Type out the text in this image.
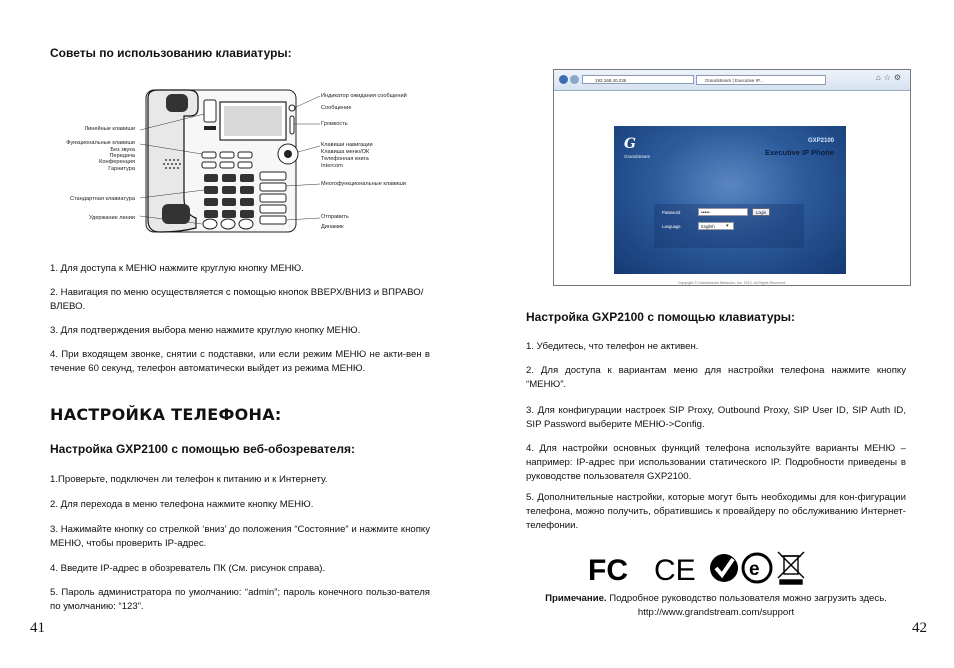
Советы по использованию клавиатуры:
Линейные клавиши
Функциональные клавиши
Без звука
Передача
Конференция
Гарнитура
Стандартная клавиатура
Удержание линии
Индикатор ожидания сообщений
Сообщение
Громкость
Клавиши навигации
Клавиша меню/ОК
Телефонная книга
Intercom
Многофункциональные клавиши
Отправить
Динамик
1. Для доступа к МЕНЮ нажмите круглую кнопку МЕНЮ.
2. Навигация по меню осуществляется с помощью кнопок ВВЕРХ/ВНИЗ и ВПРАВО/ВЛЕВО.
3. Для подтверждения выбора меню нажмите круглую кнопку МЕНЮ.
4. При входящем звонке, снятии с подставки, или если режим МЕНЮ не акти-вен в течение 60 секунд, телефон автоматически выйдет из режима МЕНЮ.
НАСТРОЙКА ТЕЛЕФОНА:
Настройка GXP2100 с помощью веб-обозревателя:
1.Проверьте, подключен ли телефон к питанию и к Интернету.
2. Для перехода в меню телефона нажмите кнопку МЕНЮ.
3. Нажимайте кнопку со стрелкой ‘вниз’ до положения “Состояние” и нажмите кнопку МЕНЮ, чтобы проверить IP-адрес.
4. Введите IP-адрес в обозреватель ПК (См. рисунок справа).
5. Пароль администратора по умолчанию: “admin”; пароль конечного пользо-вателя по умолчанию: “123”.
41
192.168.40.236	Grandstream | Executive IP...	⌂☆⚙
G
Grandstream
GXP2100
Executive IP Phone
Password	•••••	Login
Language	English	▾
Copyright © Grandstream Networks, Inc. 2012. All Rights Reserved.
Настройка GXP2100 с помощью клавиатуры:
1. Убедитесь, что телефон не активен.
2. Для доступа к вариантам меню для настройки телефона нажмите кнопку “МЕНЮ”.
3. Для конфигурации настроек SIP Proxy, Outbound Proxy, SIP User ID, SIP Auth ID, SIP Password выберите МЕНЮ->Config.
4. Для настройки основных функций телефона используйте варианты МЕНЮ – например: IP-адрес при использовании статического IP. Подробности приведены в руководстве пользователя GXP2100.
5. Дополнительные настройки, которые могут быть необходимы для кон-фигурации телефона, можно получить, обратившись к провайдеру по обслуживанию Интернет-телефонии.
FC CE	e
Примечание. Подробное руководство пользователя можно загрузить здесь.
http://www.grandstream.com/support
42
